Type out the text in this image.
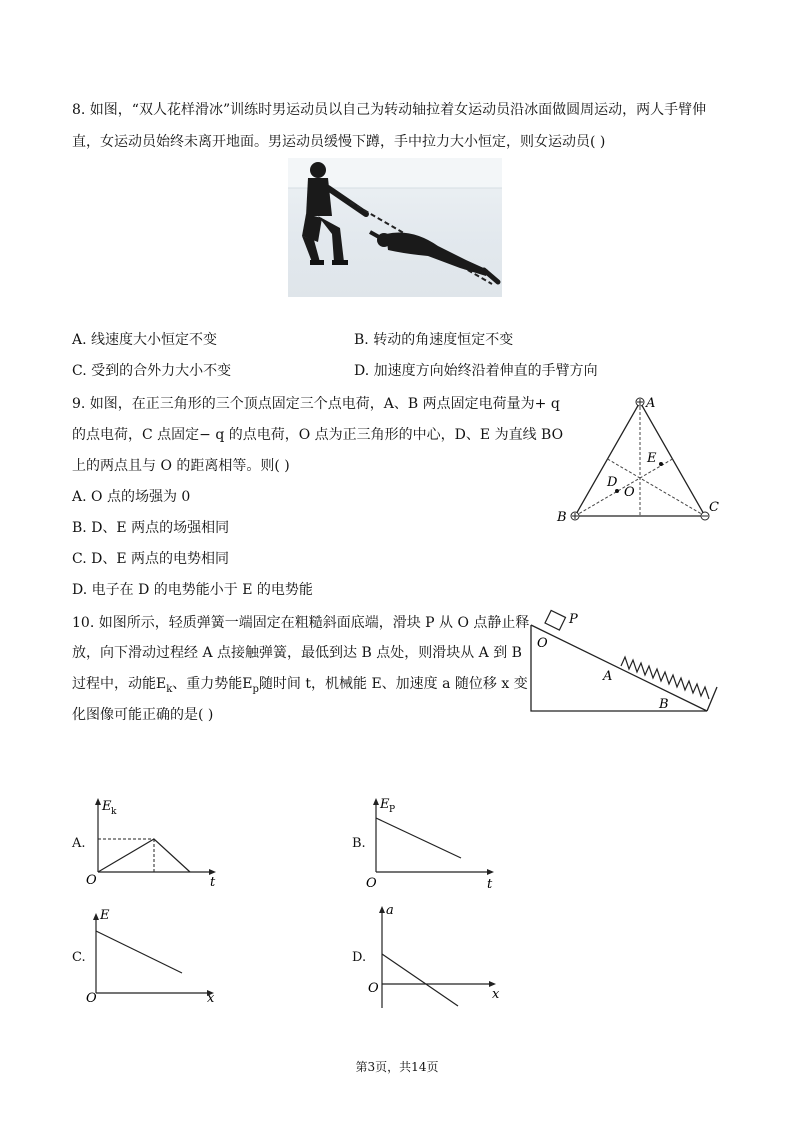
8. 如图，“双人花样滑冰”训练时男运动员以自己为转动轴拉着女运动员沿冰面做圆周运动，两人手臂伸
直，女运动员始终未离开地面。男运动员缓慢下蹲，手中拉力大小恒定，则女运动员( )
A. 线速度大小恒定不变	B. 转动的角速度恒定不变
C. 受到的合外力大小不变	D. 加速度方向始终沿着伸直的手臂方向
9. 如图，在正三角形的三个顶点固定三个点电荷，A、B 两点固定电荷量为+ q
的点电荷，C 点固定− q 的点电荷，O 点为正三角形的中心，D、E 为直线 BO
上的两点且与 O 的距离相等。则( )
A. O 点的场强为 0
B. D、E 两点的场强相同
C. D、E 两点的电势相同
D. 电子在 D 的电势能小于 E 的电势能
A
B
C
D
E
O
10. 如图所示，轻质弹簧一端固定在粗糙斜面底端，滑块 P 从 O 点静止释
放，向下滑动过程经 A 点接触弹簧，最低到达 B 点处，则滑块从 A 到 B
过程中，动能$E_k$、重力势能$E_p$随时间 t，机械能 E、加速度 a 随位移 x 变
化图像可能正确的是( )
P
O
A
B
A.
E k
t
O
B.
E P
t
O
C.
E
x
O
D.
a
x
O
第3页，共14页
